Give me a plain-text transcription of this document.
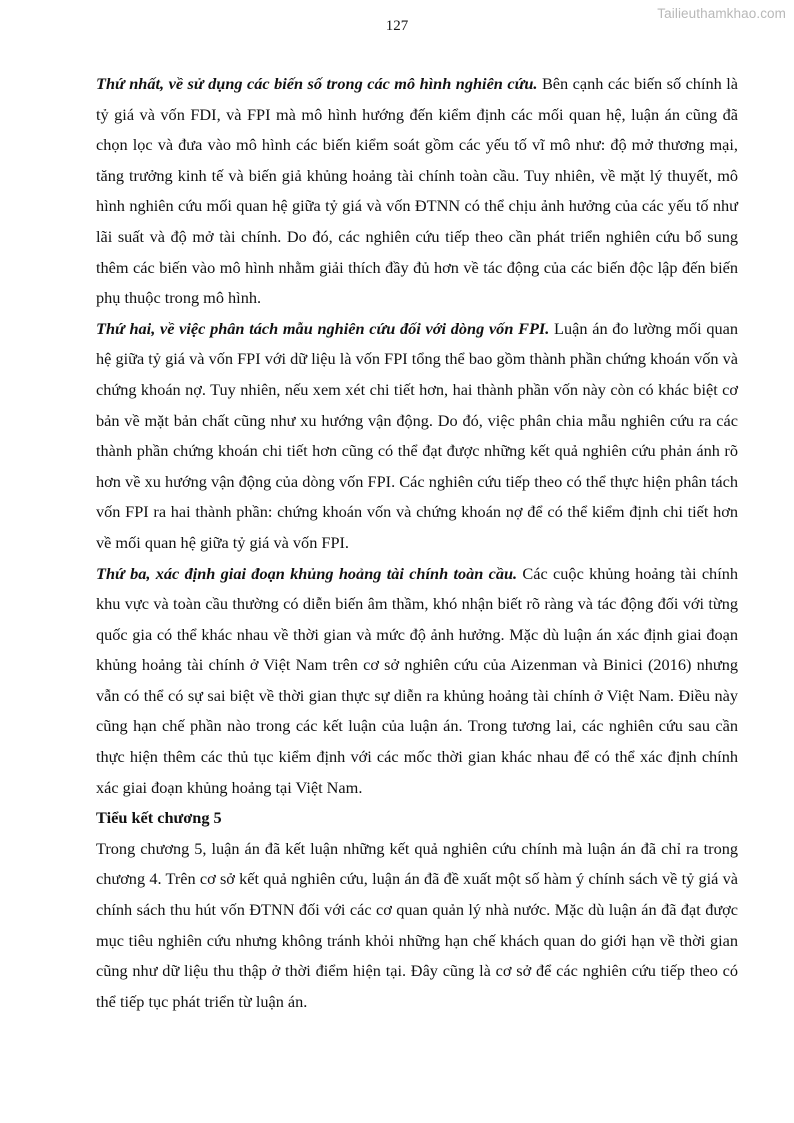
Tailieuthamkhao.com
127

Thứ nhất, về sử dụng các biến số trong các mô hình nghiên cứu. Bên cạnh các biến số chính là tỷ giá và vốn FDI, và FPI mà mô hình hướng đến kiểm định các mối quan hệ, luận án cũng đã chọn lọc và đưa vào mô hình các biến kiểm soát gồm các yếu tố vĩ mô như: độ mở thương mại, tăng trưởng kinh tế và biến giả khủng hoảng tài chính toàn cầu. Tuy nhiên, về mặt lý thuyết, mô hình nghiên cứu mối quan hệ giữa tỷ giá và vốn ĐTNN có thể chịu ảnh hưởng của các yếu tố như lãi suất và độ mở tài chính. Do đó, các nghiên cứu tiếp theo cần phát triển nghiên cứu bổ sung thêm các biến vào mô hình nhằm giải thích đầy đủ hơn về tác động của các biến độc lập đến biến phụ thuộc trong mô hình.

Thứ hai, về việc phân tách mẫu nghiên cứu đối với dòng vốn FPI. Luận án đo lường mối quan hệ giữa tỷ giá và vốn FPI với dữ liệu là vốn FPI tổng thể bao gồm thành phần chứng khoán vốn và chứng khoán nợ. Tuy nhiên, nếu xem xét chi tiết hơn, hai thành phần vốn này còn có khác biệt cơ bản về mặt bản chất cũng như xu hướng vận động. Do đó, việc phân chia mẫu nghiên cứu ra các thành phần chứng khoán chi tiết hơn cũng có thể đạt được những kết quả nghiên cứu phản ánh rõ hơn về xu hướng vận động của dòng vốn FPI. Các nghiên cứu tiếp theo có thể thực hiện phân tách vốn FPI ra hai thành phần: chứng khoán vốn và chứng khoán nợ để có thể kiểm định chi tiết hơn về mối quan hệ giữa tỷ giá và vốn FPI.

Thứ ba, xác định giai đoạn khủng hoảng tài chính toàn cầu. Các cuộc khủng hoảng tài chính khu vực và toàn cầu thường có diễn biến âm thầm, khó nhận biết rõ ràng và tác động đối với từng quốc gia có thể khác nhau về thời gian và mức độ ảnh hưởng. Mặc dù luận án xác định giai đoạn khủng hoảng tài chính ở Việt Nam trên cơ sở nghiên cứu của Aizenman và Binici (2016) nhưng vẫn có thể có sự sai biệt về thời gian thực sự diễn ra khủng hoảng tài chính ở Việt Nam. Điều này cũng hạn chế phần nào trong các kết luận của luận án. Trong tương lai, các nghiên cứu sau cần thực hiện thêm các thủ tục kiểm định với các mốc thời gian khác nhau để có thể xác định chính xác giai đoạn khủng hoảng tại Việt Nam.

Tiểu kết chương 5

Trong chương 5, luận án đã kết luận những kết quả nghiên cứu chính mà luận án đã chỉ ra trong chương 4. Trên cơ sở kết quả nghiên cứu, luận án đã đề xuất một số hàm ý chính sách về tỷ giá và chính sách thu hút vốn ĐTNN đối với các cơ quan quản lý nhà nước. Mặc dù luận án đã đạt được mục tiêu nghiên cứu nhưng không tránh khỏi những hạn chế khách quan do giới hạn về thời gian cũng như dữ liệu thu thập ở thời điểm hiện tại. Đây cũng là cơ sở để các nghiên cứu tiếp theo có thể tiếp tục phát triển từ luận án.
